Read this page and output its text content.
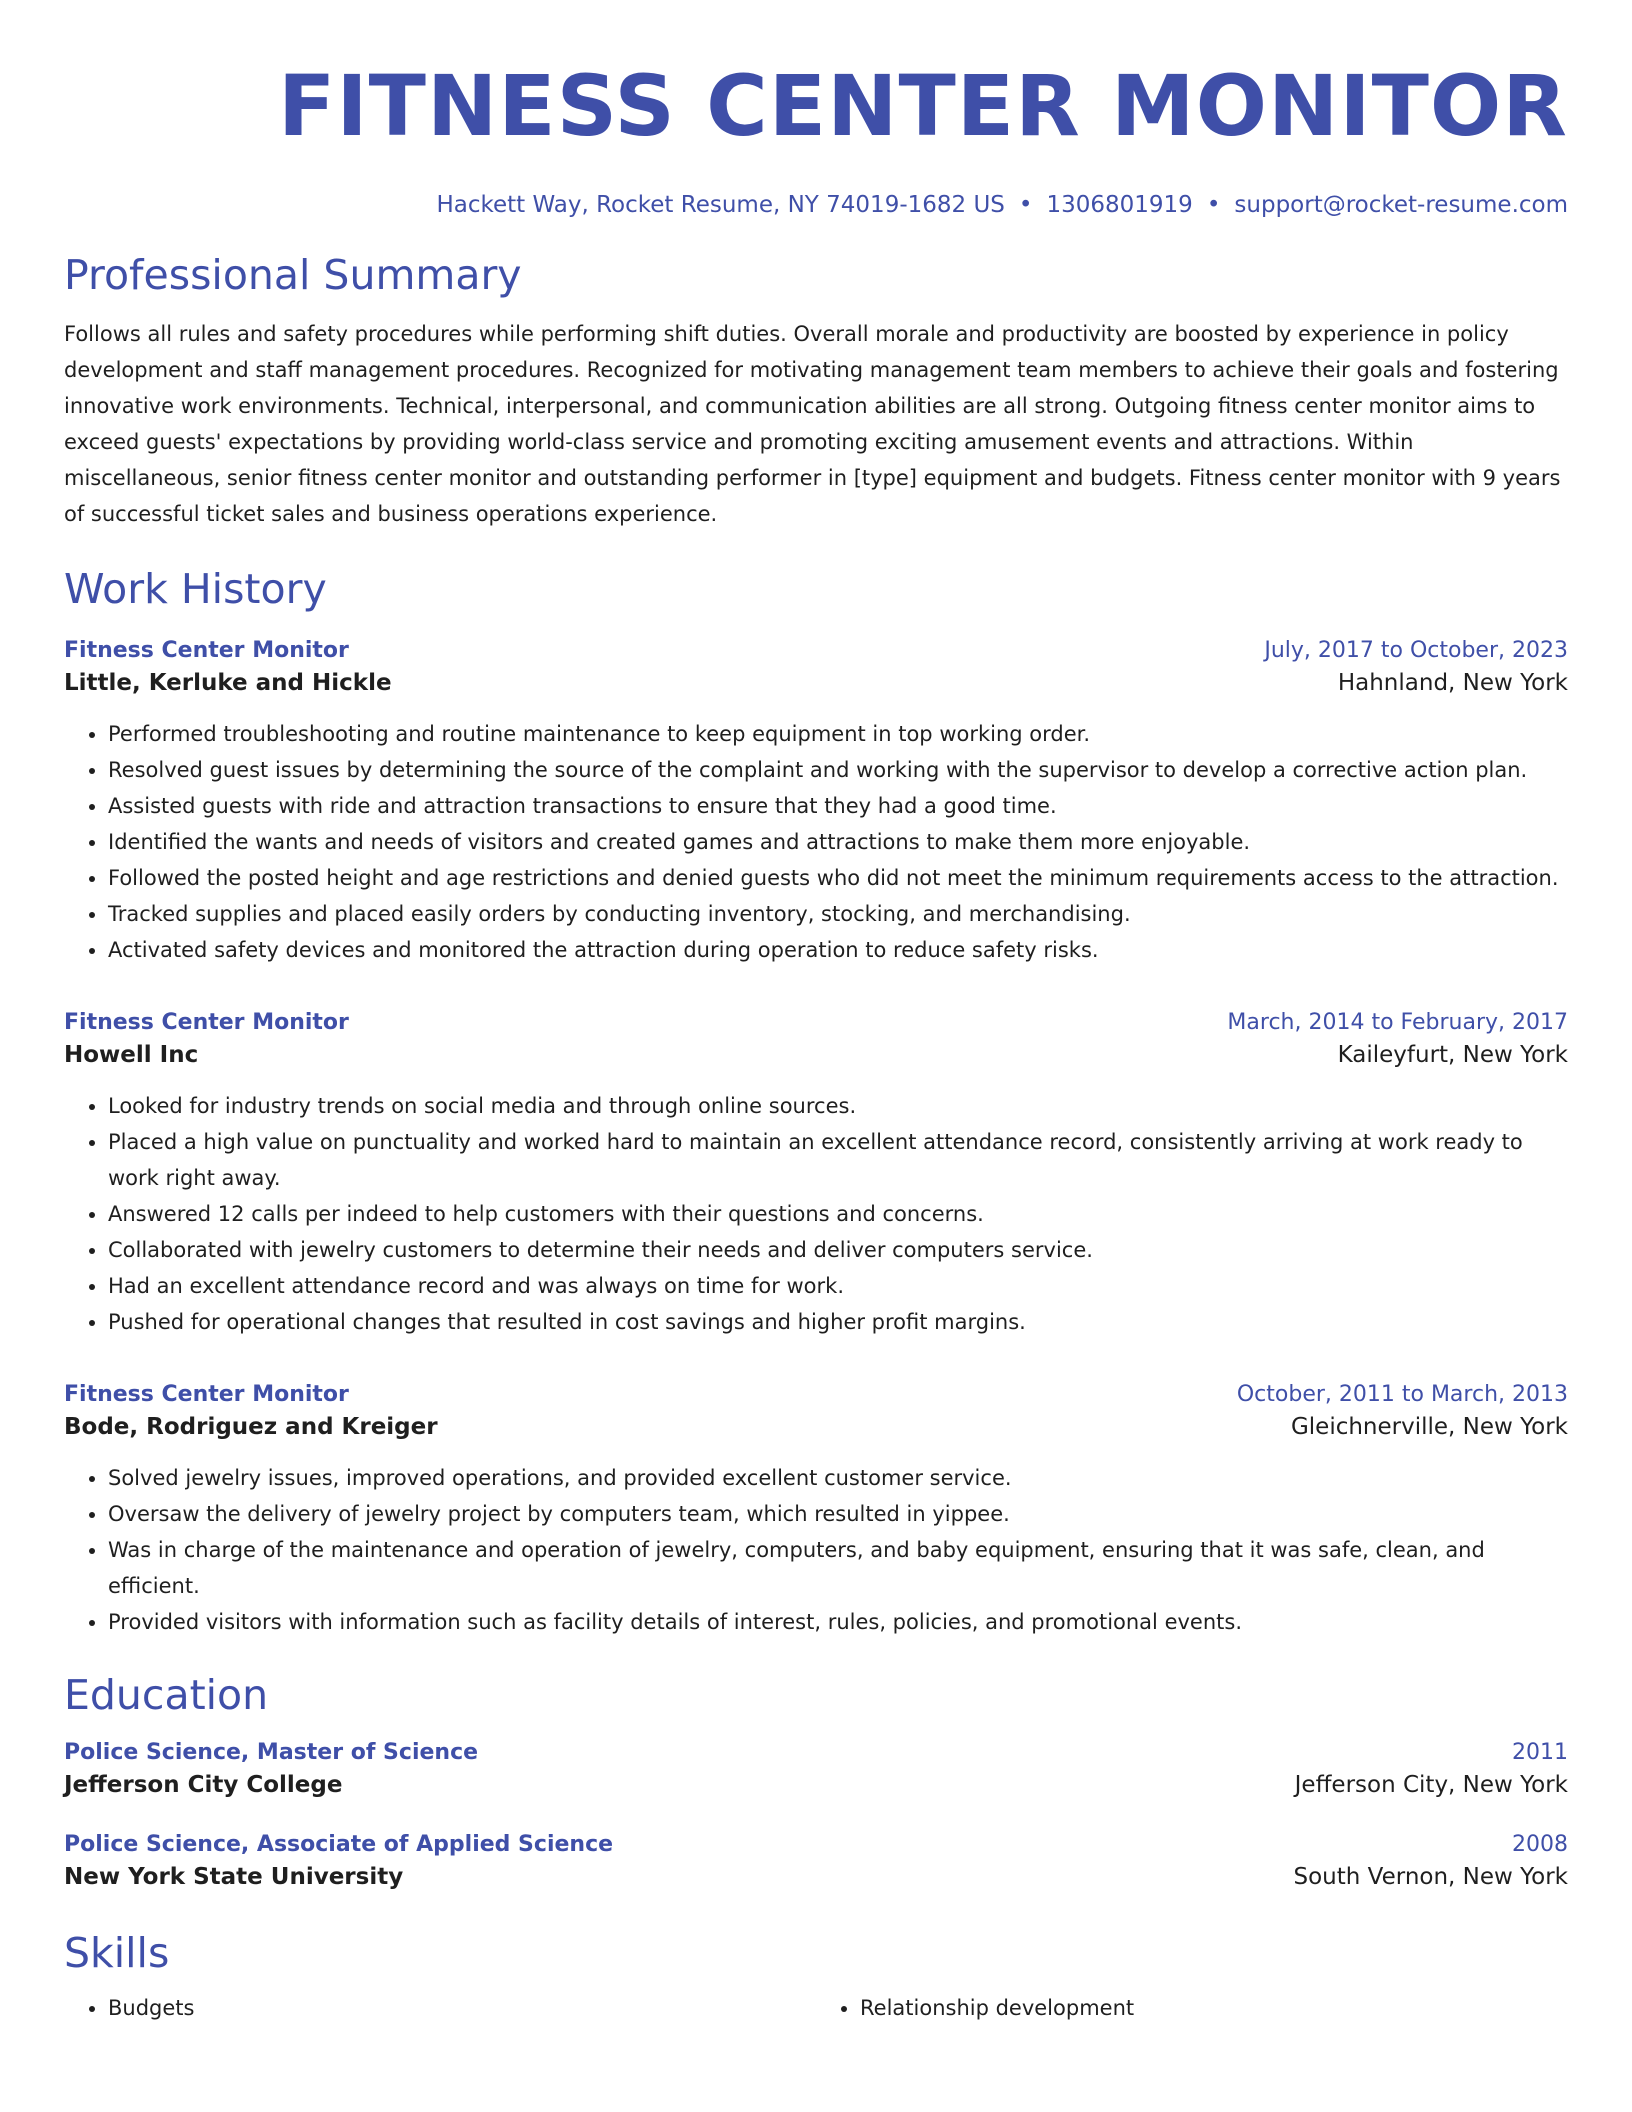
FITNESS CENTER MONITOR
Hackett Way, Rocket Resume, NY 74019-1682 US • 1306801919 • support@rocket-resume.com
Professional Summary

Follows all rules and safety procedures while performing shift duties. Overall morale and productivity are boosted by experience in policy development and staff management procedures. Recognized for motivating management team members to achieve their goals and fostering innovative work environments. Technical, interpersonal, and communication abilities are all strong. Outgoing fitness center monitor aims to exceed guests' expectations by providing world-class service and promoting exciting amusement events and attractions. Within miscellaneous, senior fitness center monitor and outstanding performer in [type] equipment and budgets. Fitness center monitor with 9 years of successful ticket sales and business operations experience.

Work History
Fitness Center Monitor	July, 2017 to October, 2023
Little, Kerluke and Hickle	Hahnland, New York
• Performed troubleshooting and routine maintenance to keep equipment in top working order.
• Resolved guest issues by determining the source of the complaint and working with the supervisor to develop a corrective action plan.
• Assisted guests with ride and attraction transactions to ensure that they had a good time.
• Identified the wants and needs of visitors and created games and attractions to make them more enjoyable.
• Followed the posted height and age restrictions and denied guests who did not meet the minimum requirements access to the attraction.
• Tracked supplies and placed easily orders by conducting inventory, stocking, and merchandising.
• Activated safety devices and monitored the attraction during operation to reduce safety risks.
Fitness Center Monitor	March, 2014 to February, 2017
Howell Inc	Kaileyfurt, New York
• Looked for industry trends on social media and through online sources.
• Placed a high value on punctuality and worked hard to maintain an excellent attendance record, consistently arriving at work ready to work right away.
• Answered 12 calls per indeed to help customers with their questions and concerns.
• Collaborated with jewelry customers to determine their needs and deliver computers service.
• Had an excellent attendance record and was always on time for work.
• Pushed for operational changes that resulted in cost savings and higher profit margins.
Fitness Center Monitor	October, 2011 to March, 2013
Bode, Rodriguez and Kreiger	Gleichnerville, New York
• Solved jewelry issues, improved operations, and provided excellent customer service.
• Oversaw the delivery of jewelry project by computers team, which resulted in yippee.
• Was in charge of the maintenance and operation of jewelry, computers, and baby equipment, ensuring that it was safe, clean, and efficient.
• Provided visitors with information such as facility details of interest, rules, policies, and promotional events.
Education
Police Science, Master of Science	2011
Jefferson City College	Jefferson City, New York
Police Science, Associate of Applied Science	2008
New York State University	South Vernon, New York
Skills
• Budgets
•	Relationship development
